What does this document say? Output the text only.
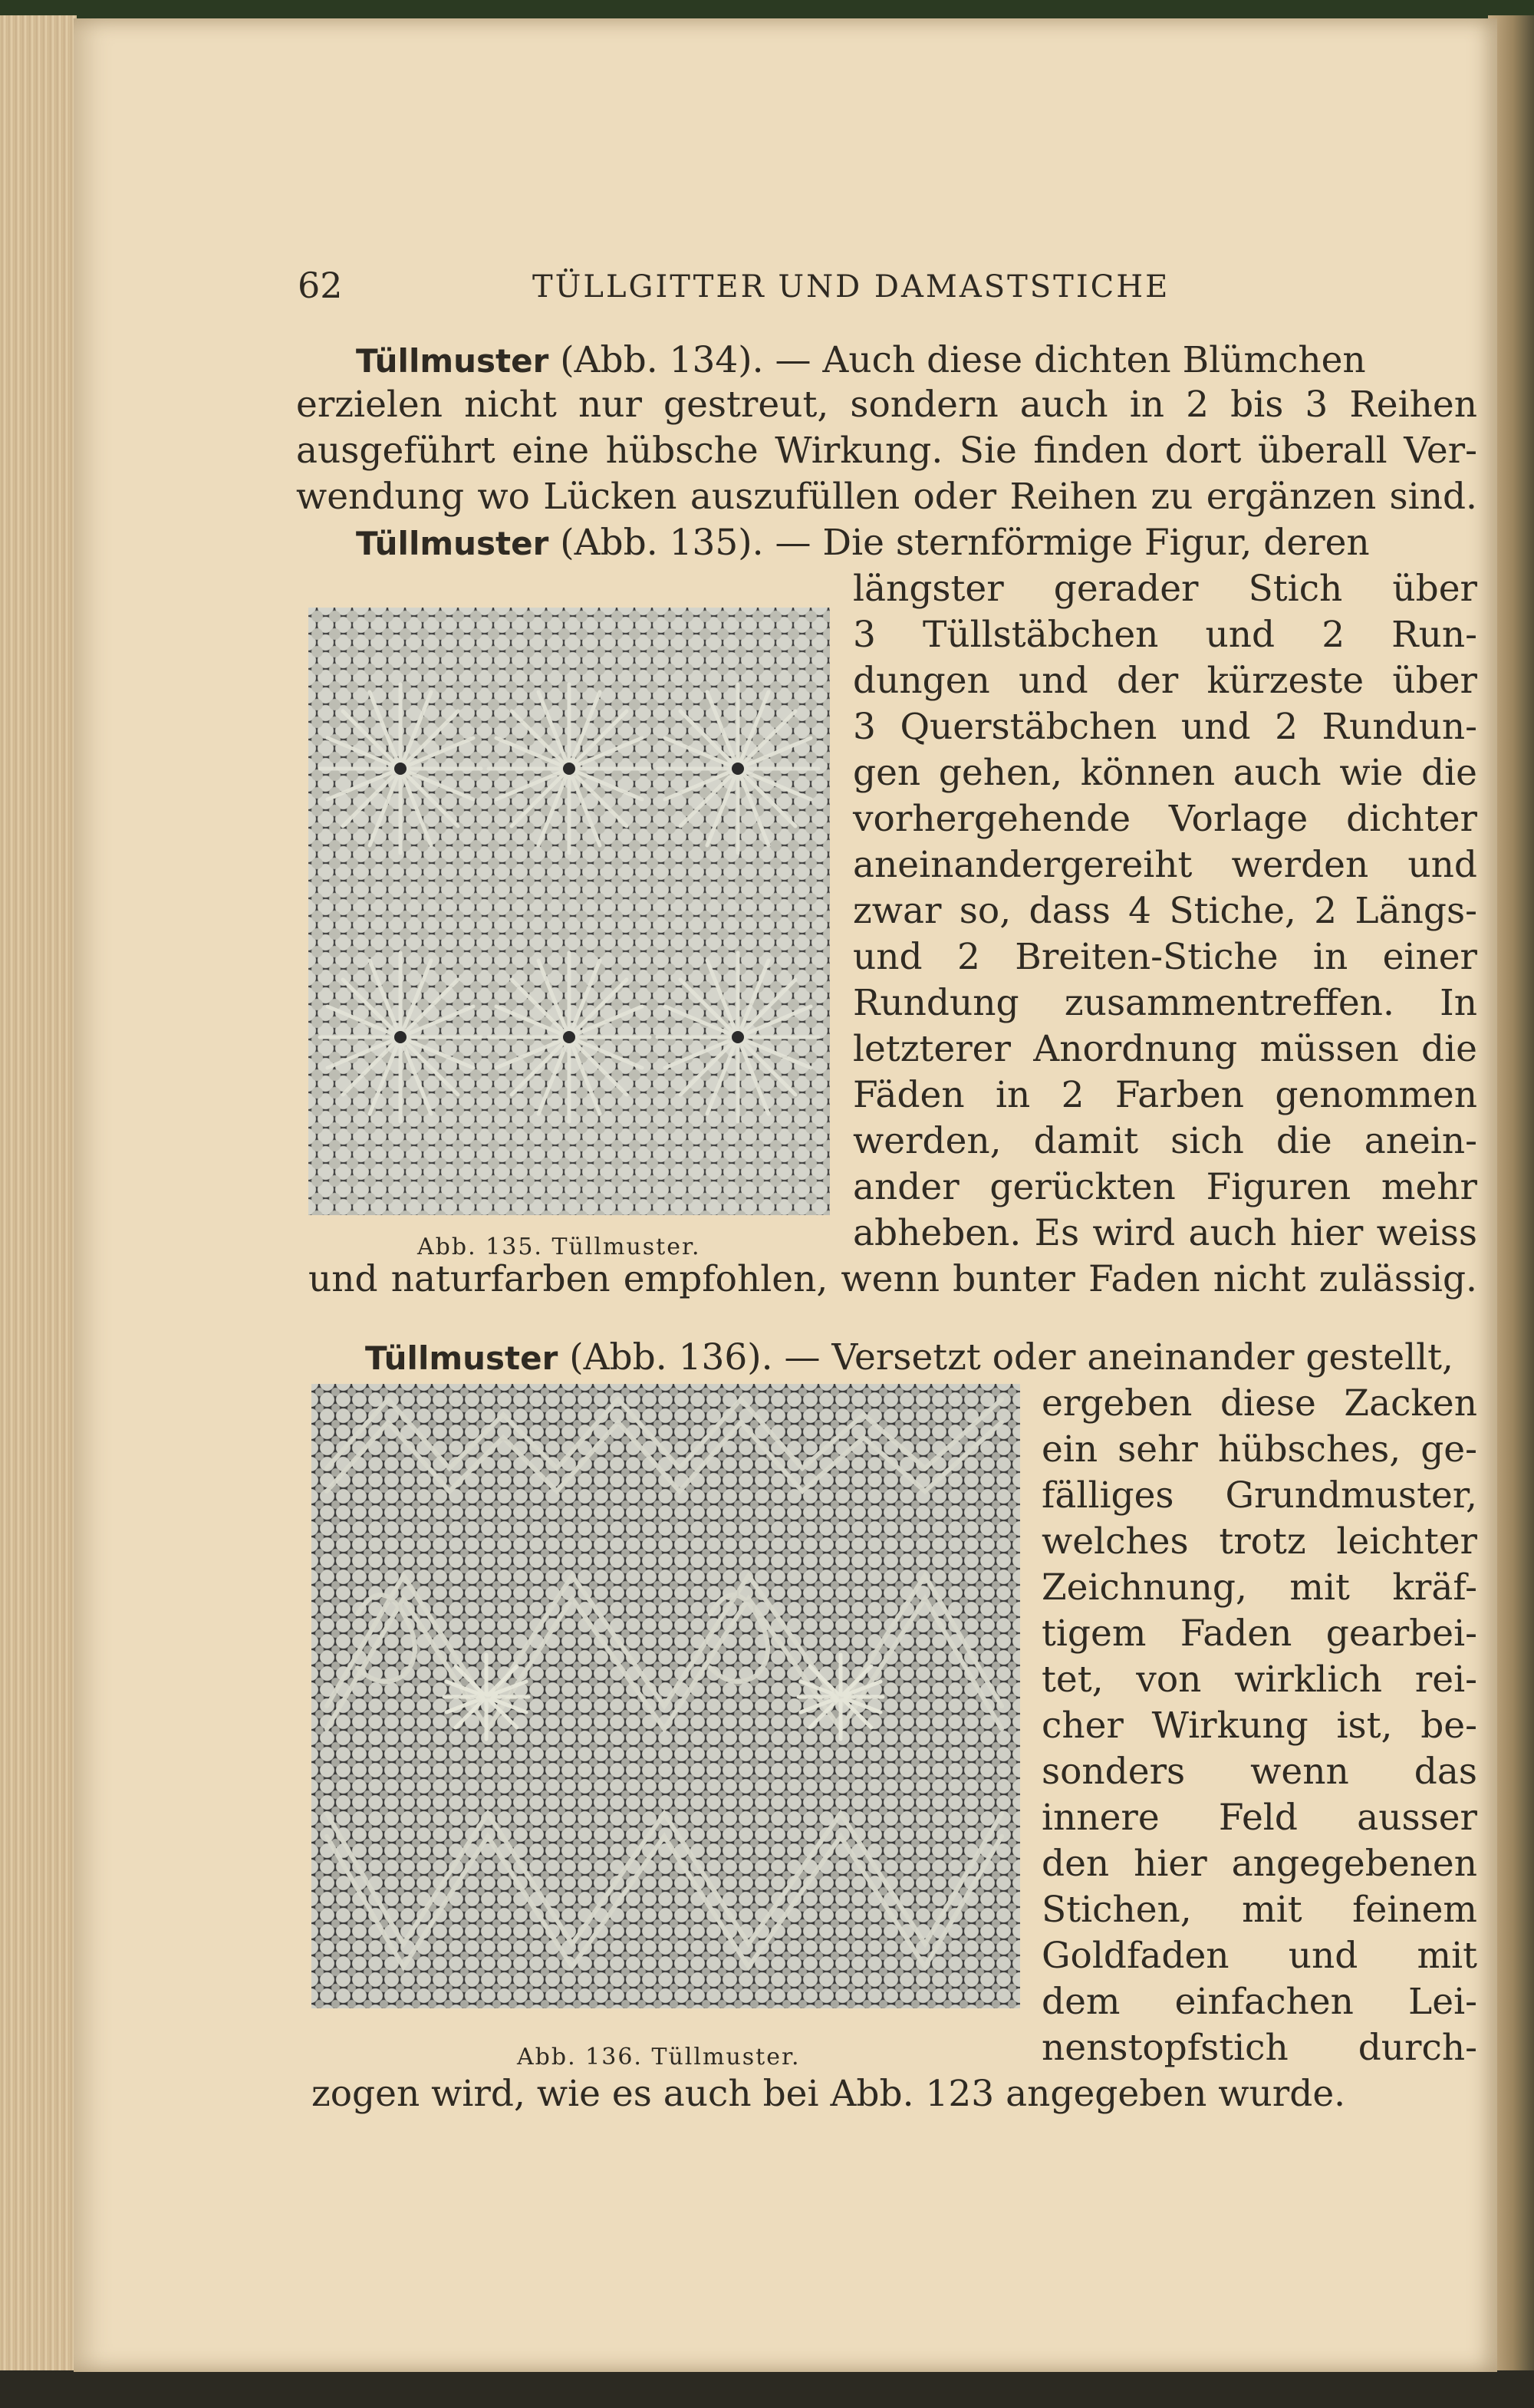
62	TÜLLGITTER UND DAMASTSTICHE
Tüllmuster (Abb. 134). — Auch diese dichten Blümchen
erzielen nicht nur gestreut, sondern auch in 2 bis 3 Reihen
ausgeführt eine hübsche Wirkung. Sie finden dort überall Ver-
wendung wo Lücken auszufüllen oder Reihen zu ergänzen sind.
Tüllmuster (Abb. 135). — Die sternförmige Figur, deren
längster gerader Stich über
3 Tüllstäbchen und 2 Run-
dungen und der kürzeste über
3 Querstäbchen und 2 Rundun-
gen gehen, können auch wie die
vorhergehende Vorlage dichter
aneinandergereiht werden und
zwar so, dass 4 Stiche, 2 Längs-
und 2 Breiten-Stiche in einer
Rundung zusammentreffen. In
letzterer Anordnung müssen die
Fäden in 2 Farben genommen
werden, damit sich die anein-
ander gerückten Figuren mehr
abheben. Es wird auch hier weiss
und naturfarben empfohlen, wenn bunter Faden nicht zulässig.
Abb. 135. Tüllmuster.
Tüllmuster (Abb. 136). — Versetzt oder aneinander gestellt,
ergeben diese Zacken
ein sehr hübsches, ge-
fälliges Grundmuster,
welches trotz leichter
Zeichnung, mit kräf-
tigem Faden gearbei-
tet, von wirklich rei-
cher Wirkung ist, be-
sonders wenn das
innere Feld ausser
den hier angegebenen
Stichen, mit feinem
Goldfaden und mit
dem einfachen Lei-
nenstopfstich durch-
zogen wird, wie es auch bei Abb. 123 angegeben wurde.
Abb. 136. Tüllmuster.
